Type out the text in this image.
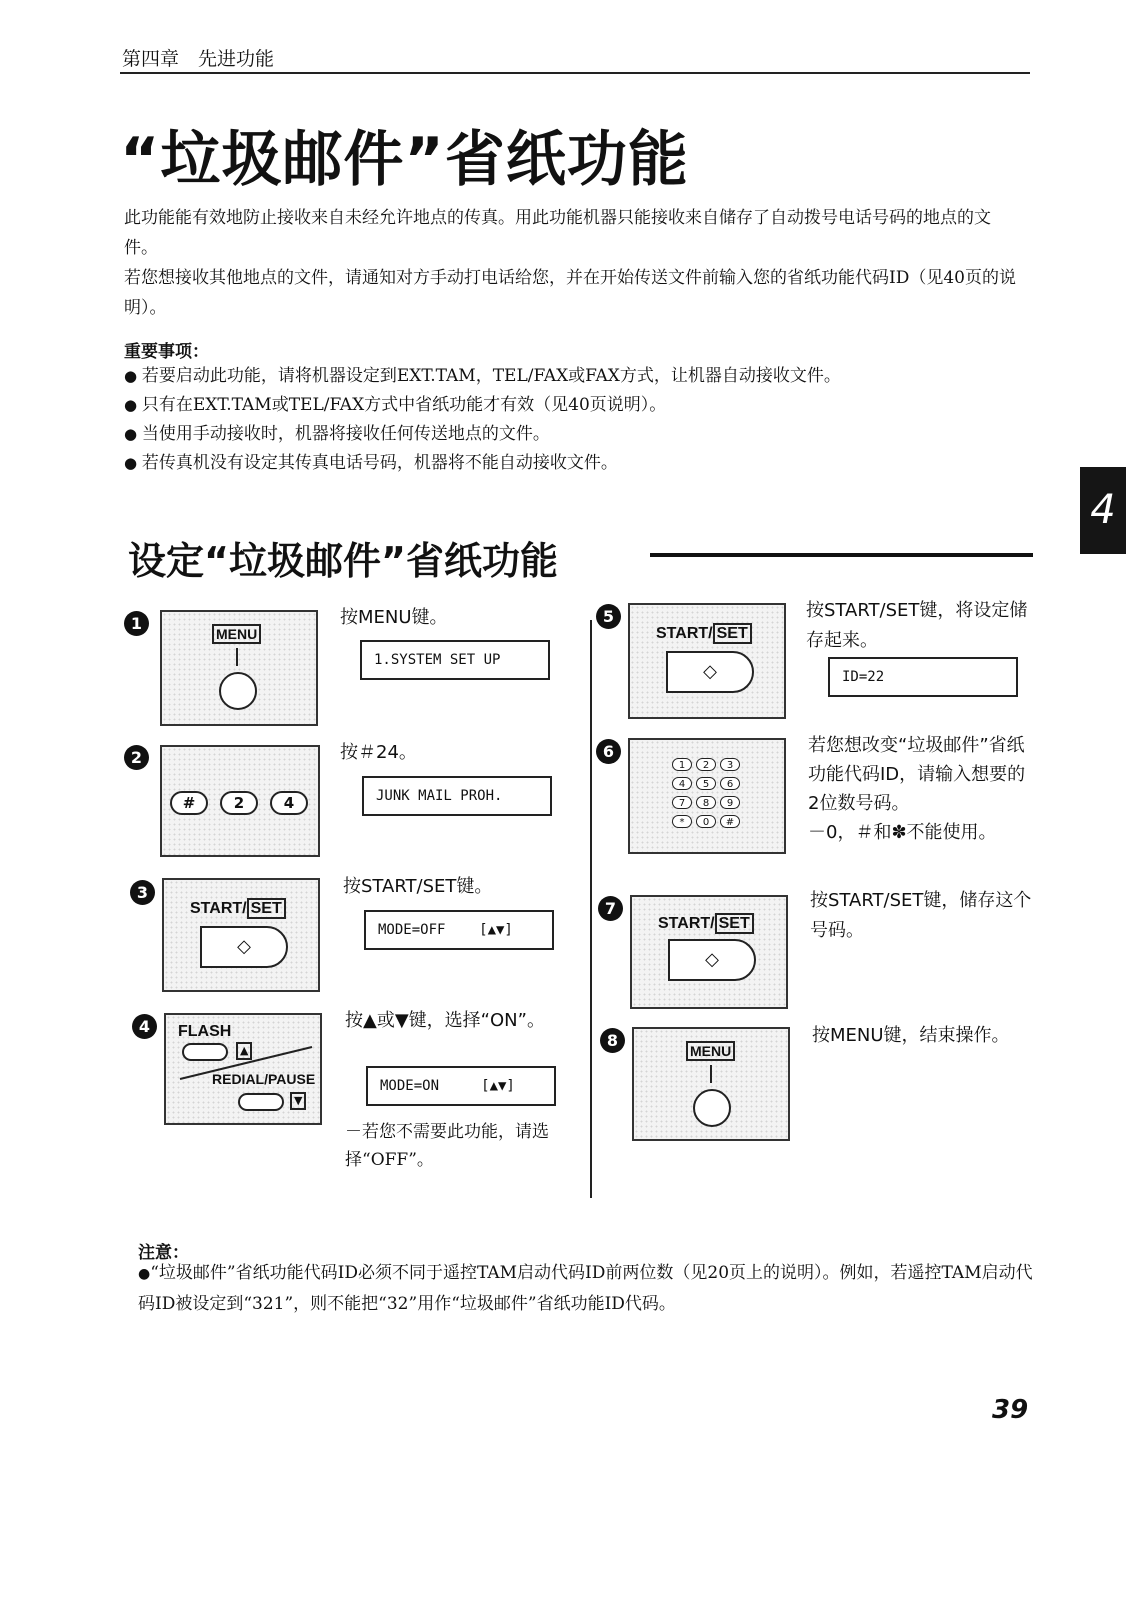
第四章　先进功能
“垃圾邮件”省纸功能

此功能能有效地防止接收来自未经允许地点的传真。用此功能机器只能接收来自储存了自动拨号电话号码的地点的文件。

若您想接收其他地点的文件，请通知对方手动打电话给您，并在开始传送文件前输入您的省纸功能代码ID（见40页的说明）。

重要事项：
● 若要启动此功能，请将机器设定到EXT.TAM，TEL/FAX或FAX方式，让机器自动接收文件。
● 只有在EXT.TAM或TEL/FAX方式中省纸功能才有效（见40页说明）。
● 当使用手动接收时，机器将接收任何传送地点的文件。
● 若传真机没有设定其传真电话号码，机器将不能自动接收文件。
4
设定“垃圾邮件”省纸功能
1
MENU
按MENU键。
1.SYSTEM SET UP
2
#	2	4
按＃24。
JUNK MAIL PROH.
3
START/ SET
◇
按START/SET键。
MODE=OFF    [▲▼]
4	FLASH
▲
REDIAL/PAUSE
▼
按▲或▼键，选择“ON”。
MODE=ON     [▲▼]
－若您不需要此功能，请选择“OFF”。
5
START/ SET
◇
按START/SET键，将设定储存起来。
ID=22
6
1	2	3
4	5	6
7	8	9
*	0	#
若您想改变“垃圾邮件”省纸功能代码ID，请输入想要的2位数号码。
－0，＃和✽不能使用。
7
START/ SET
◇
按START/SET键，储存这个号码。
8
MENU
按MENU键，结束操作。
注意：
● “垃圾邮件”省纸功能代码ID必须不同于遥控TAM启动代码ID前两位数（见20页上的说明）。例如，若遥控TAM启动代码ID被设定到“321”，则不能把“32”用作“垃圾邮件”省纸功能ID代码。
39
